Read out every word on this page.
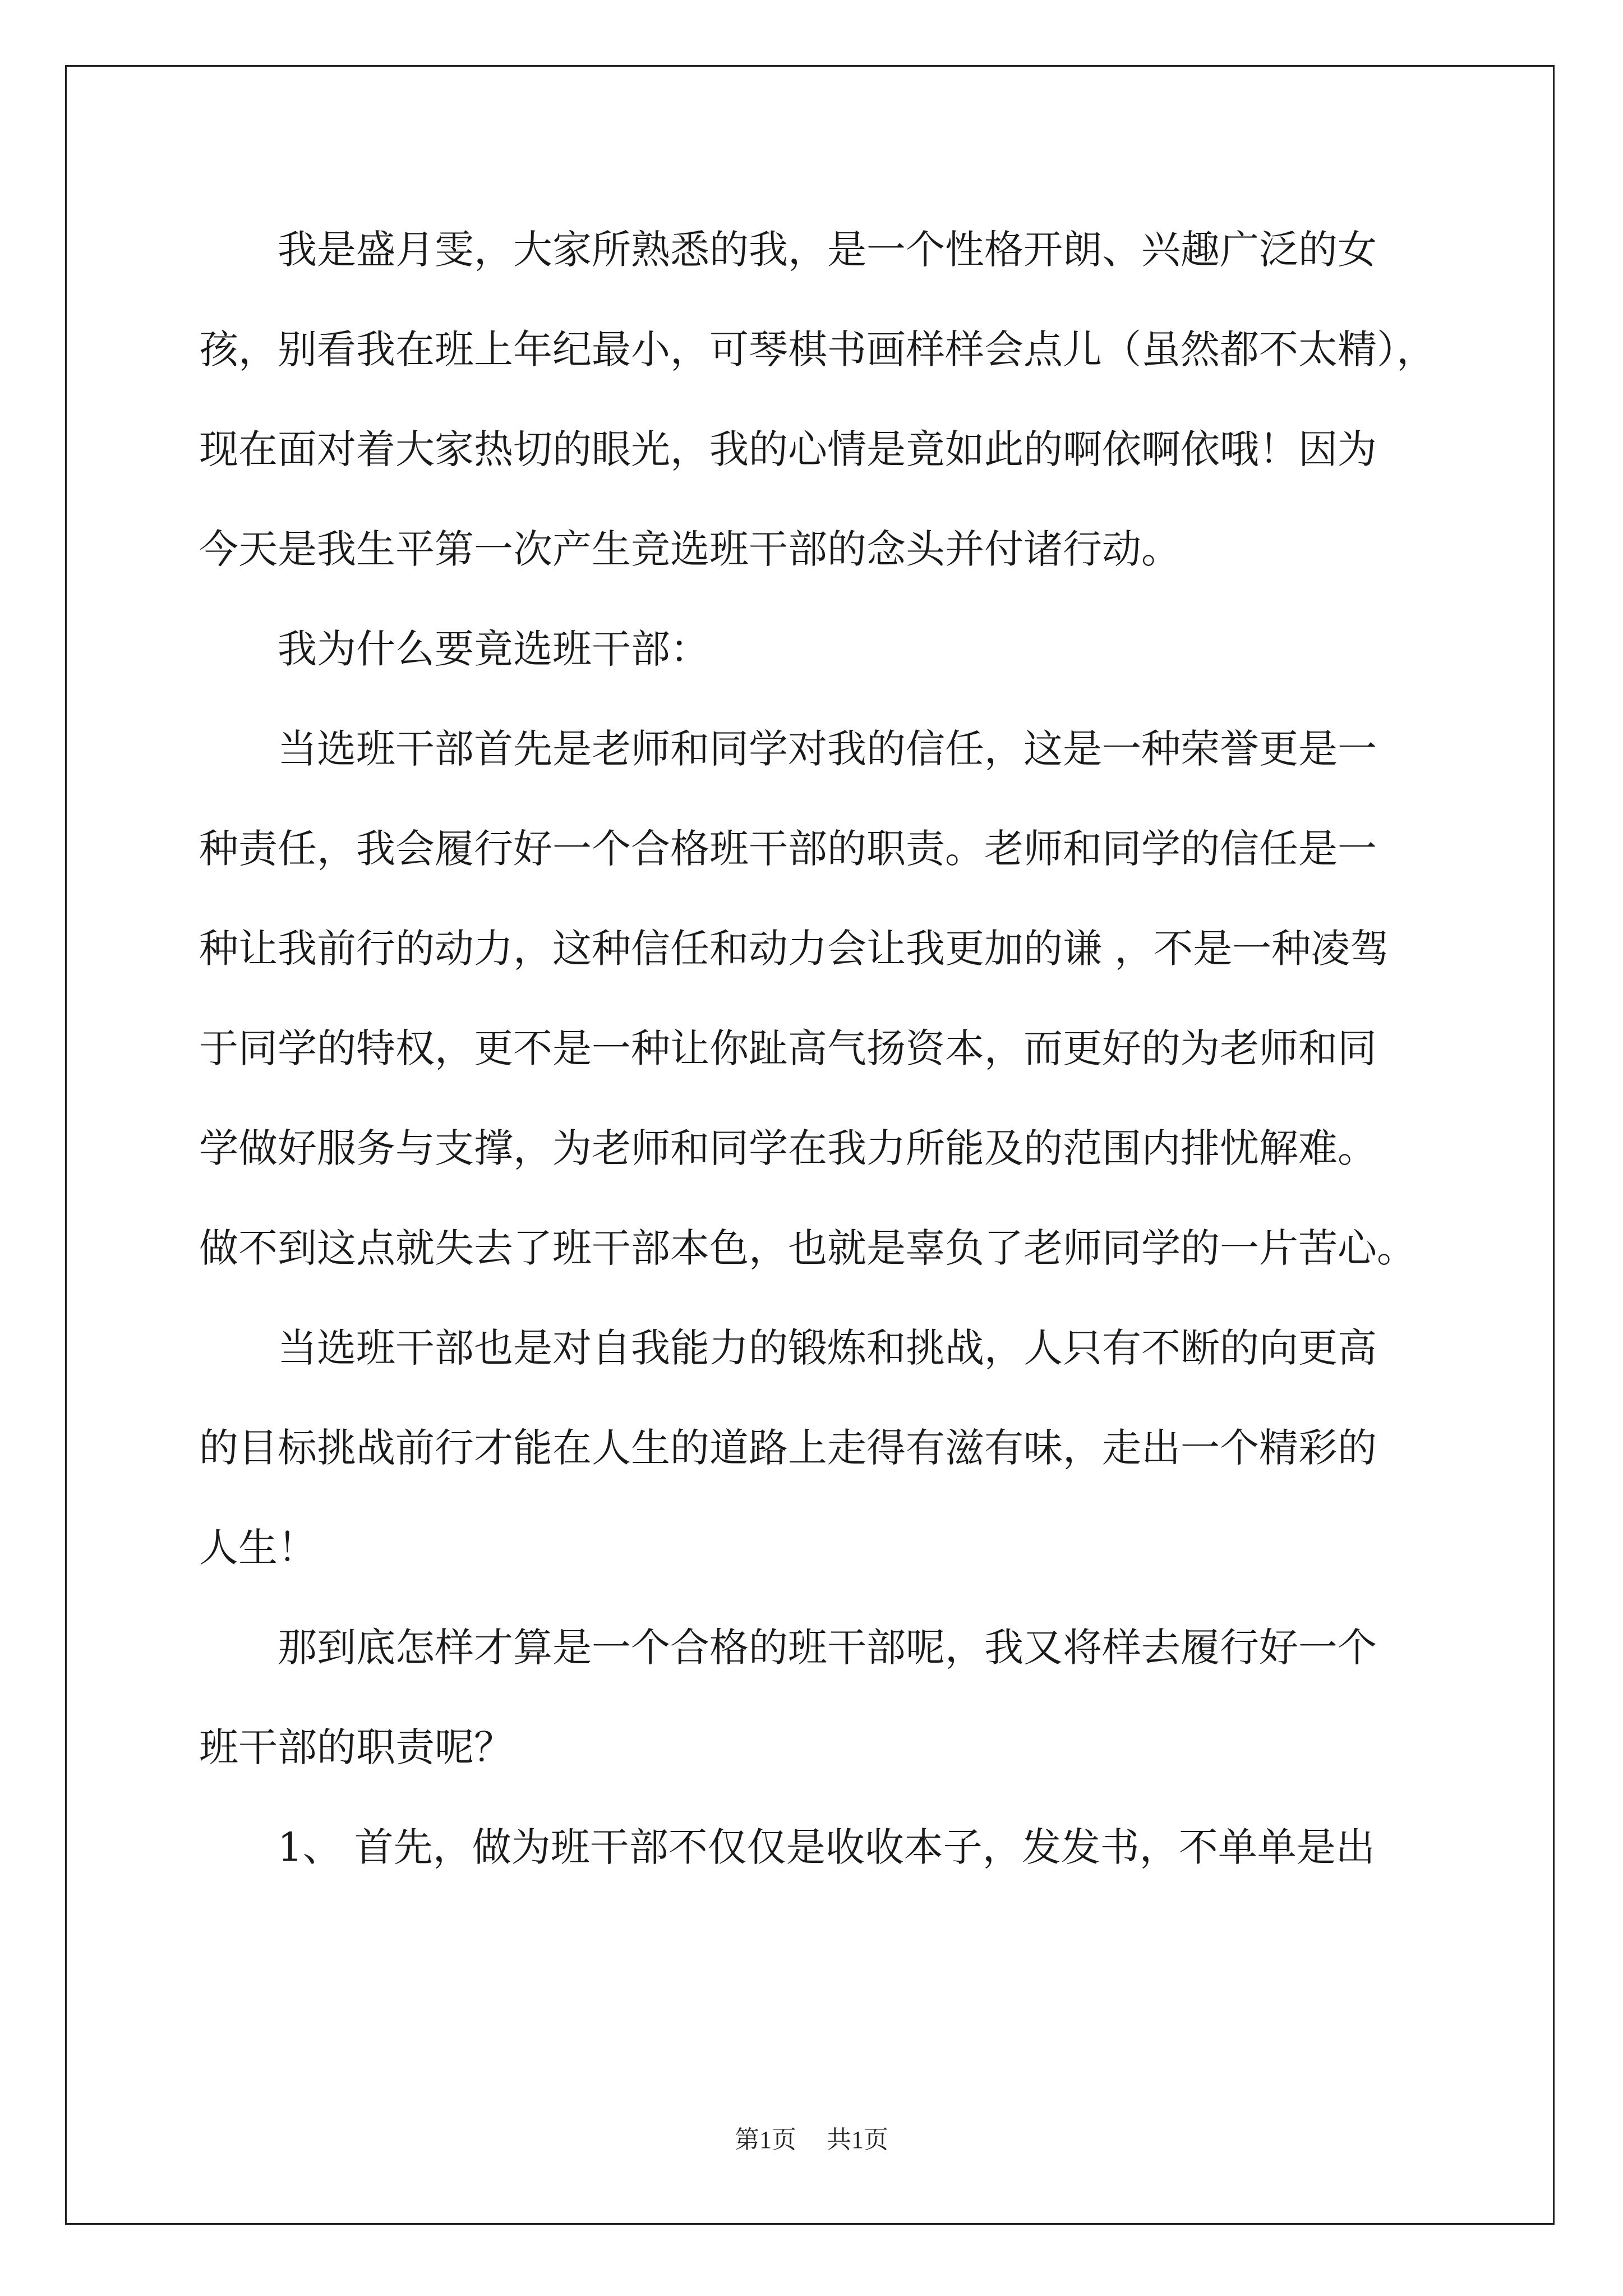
我是盛月雯，大家所熟悉的我，是一个性格开朗、兴趣广泛的女
孩，别看我在班上年纪最小，可琴棋书画样样会点儿（虽然都不太精），
现在面对着大家热切的眼光，我的心情是竟如此的啊依啊依哦！因为
今天是我生平第一次产生竞选班干部的念头并付诸行动。
我为什么要竟选班干部：
当选班干部首先是老师和同学对我的信任，这是一种荣誉更是一
种责任，我会履行好一个合格班干部的职责。老师和同学的信任是一
种让我前行的动力，这种信任和动力会让我更加的谦 ，不是一种凌驾
于同学的特权，更不是一种让你趾高气扬资本，而更好的为老师和同
学做好服务与支撑，为老师和同学在我力所能及的范围内排忧解难。
做不到这点就失去了班干部本色，也就是辜负了老师同学的一片苦心。
当选班干部也是对自我能力的锻炼和挑战，人只有不断的向更高
的目标挑战前行才能在人生的道路上走得有滋有味，走出一个精彩的
人生！
那到底怎样才算是一个合格的班干部呢，我又将样去履行好一个
班干部的职责呢？
1、 首先，做为班干部不仅仅是收收本子，发发书，不单单是出
第1页 共1页
